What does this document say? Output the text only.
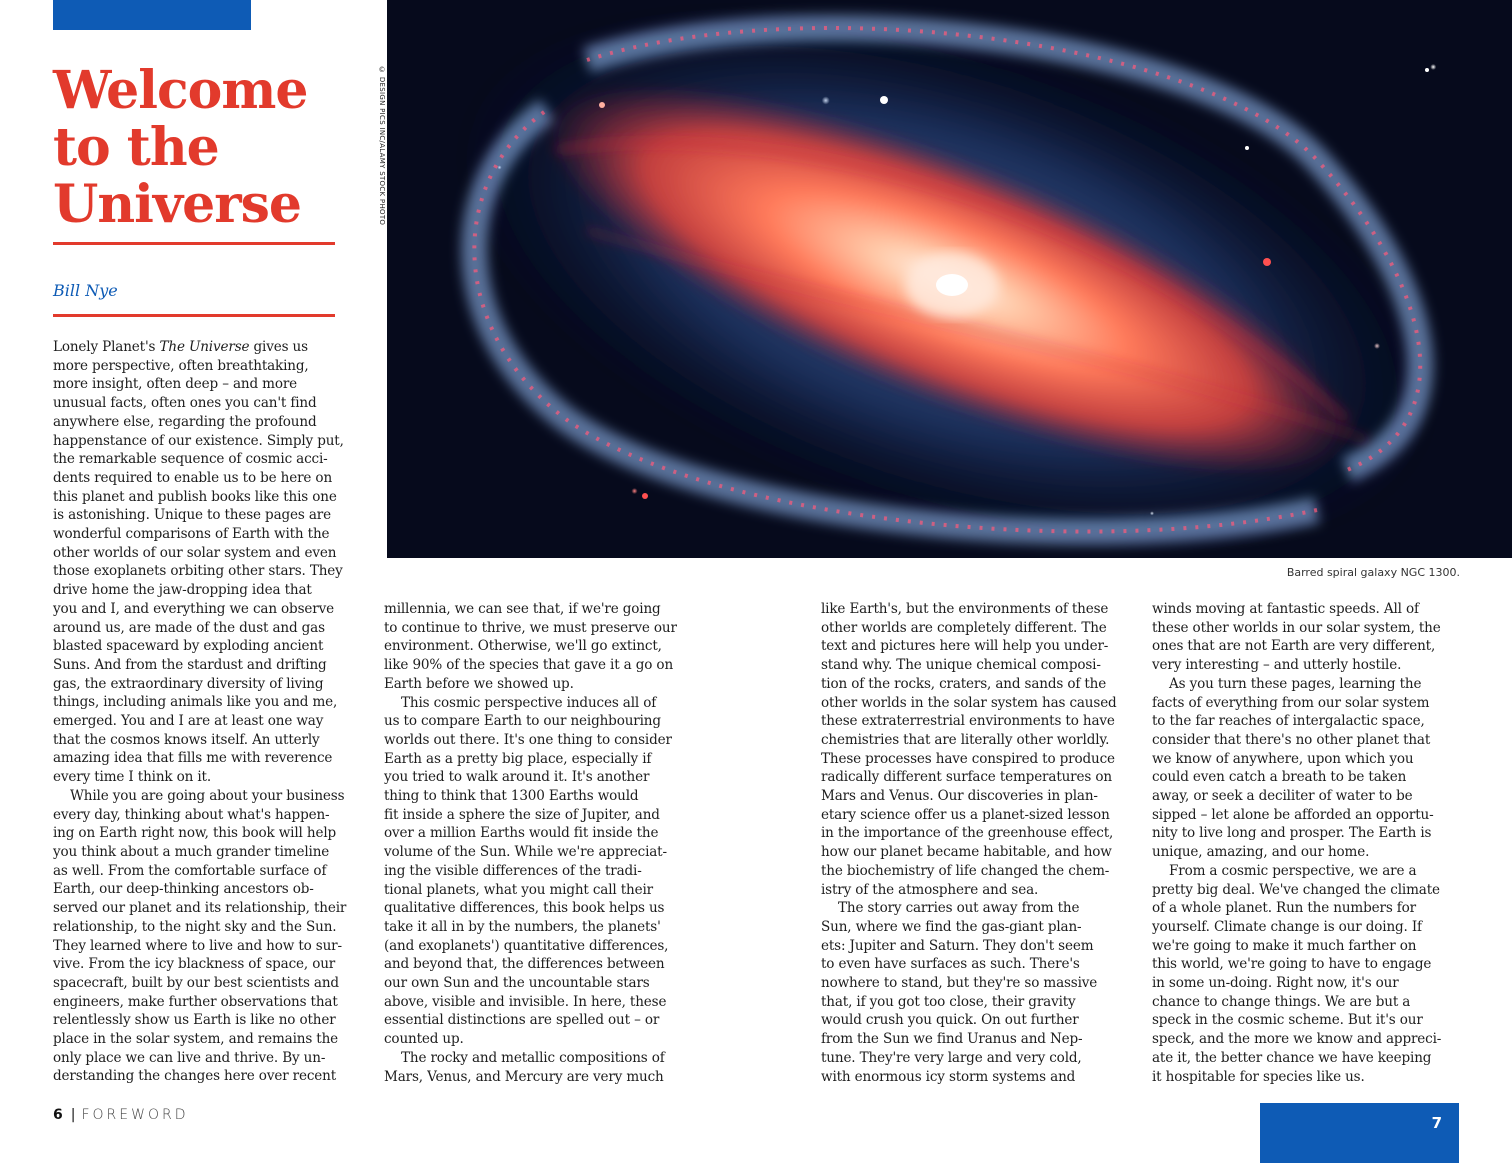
Welcome
to the
Universe

Bill Nye

© DESIGN PICS INC/ALAMY STOCK PHOTO

Barred spiral galaxy NGC 1300.

Lonely Planet's The Universe gives us
more perspective, often breathtaking,
more insight, often deep – and more
unusual facts, often ones you can't find
anywhere else, regarding the profound
happenstance of our existence. Simply put,
the remarkable sequence of cosmic acci-
dents required to enable us to be here on
this planet and publish books like this one
is astonishing. Unique to these pages are
wonderful comparisons of Earth with the
other worlds of our solar system and even
those exoplanets orbiting other stars. They
drive home the jaw-dropping idea that
you and I, and everything we can observe
around us, are made of the dust and gas
blasted spaceward by exploding ancient
Suns. And from the stardust and drifting
gas, the extraordinary diversity of living
things, including animals like you and me,
emerged. You and I are at least one way
that the cosmos knows itself. An utterly
amazing idea that fills me with reverence
every time I think on it.
While you are going about your business
every day, thinking about what's happen-
ing on Earth right now, this book will help
you think about a much grander timeline
as well. From the comfortable surface of
Earth, our deep-thinking ancestors ob-
served our planet and its relationship, their
relationship, to the night sky and the Sun.
They learned where to live and how to sur-
vive. From the icy blackness of space, our
spacecraft, built by our best scientists and
engineers, make further observations that
relentlessly show us Earth is like no other
place in the solar system, and remains the
only place we can live and thrive. By un-
derstanding the changes here over recent
millennia, we can see that, if we're going
to continue to thrive, we must preserve our
environment. Otherwise, we'll go extinct,
like 90% of the species that gave it a go on
Earth before we showed up.
This cosmic perspective induces all of
us to compare Earth to our neighbouring
worlds out there. It's one thing to consider
Earth as a pretty big place, especially if
you tried to walk around it. It's another
thing to think that 1300 Earths would
fit inside a sphere the size of Jupiter, and
over a million Earths would fit inside the
volume of the Sun. While we're appreciat-
ing the visible differences of the tradi-
tional planets, what you might call their
qualitative differences, this book helps us
take it all in by the numbers, the planets'
(and exoplanets') quantitative differences,
and beyond that, the differences between
our own Sun and the uncountable stars
above, visible and invisible. In here, these
essential distinctions are spelled out – or
counted up.
The rocky and metallic compositions of
Mars, Venus, and Mercury are very much
like Earth's, but the environments of these
other worlds are completely different. The
text and pictures here will help you under-
stand why. The unique chemical composi-
tion of the rocks, craters, and sands of the
other worlds in the solar system has caused
these extraterrestrial environments to have
chemistries that are literally other worldly.
These processes have conspired to produce
radically different surface temperatures on
Mars and Venus. Our discoveries in plan-
etary science offer us a planet-sized lesson
in the importance of the greenhouse effect,
how our planet became habitable, and how
the biochemistry of life changed the chem-
istry of the atmosphere and sea.
The story carries out away from the
Sun, where we find the gas-giant plan-
ets: Jupiter and Saturn. They don't seem
to even have surfaces as such. There's
nowhere to stand, but they're so massive
that, if you got too close, their gravity
would crush you quick. On out further
from the Sun we find Uranus and Nep-
tune. They're very large and very cold,
with enormous icy storm systems and
winds moving at fantastic speeds. All of
these other worlds in our solar system, the
ones that are not Earth are very different,
very interesting – and utterly hostile.
As you turn these pages, learning the
facts of everything from our solar system
to the far reaches of intergalactic space,
consider that there's no other planet that
we know of anywhere, upon which you
could even catch a breath to be taken
away, or seek a deciliter of water to be
sipped – let alone be afforded an opportu-
nity to live long and prosper. The Earth is
unique, amazing, and our home.
From a cosmic perspective, we are a
pretty big deal. We've changed the climate
of a whole planet. Run the numbers for
yourself. Climate change is our doing. If
we're going to make it much farther on
this world, we're going to have to engage
in some un-doing. Right now, it's our
chance to change things. We are but a
speck in the cosmic scheme. But it's our
speck, and the more we know and appreci-
ate it, the better chance we have keeping
it hospitable for species like us.

6 | FOREWORD	7
